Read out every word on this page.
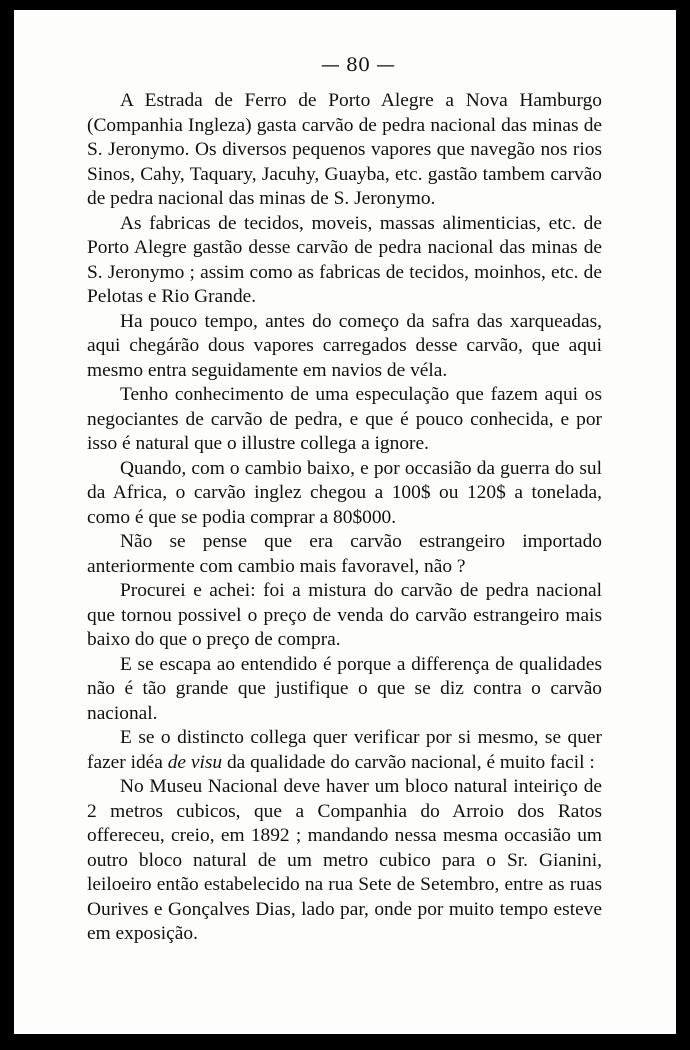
— 80 —

A Estrada de Ferro de Porto Alegre a Nova Hamburgo (Companhia Ingleza) gasta carvão de pedra nacional das minas de S. Jeronymo. Os diversos pequenos vapores que navegão nos rios Sinos, Cahy, Taquary, Jacuhy, Guayba, etc. gastão tambem carvão de pedra nacional das minas de S. Jeronymo.

As fabricas de tecidos, moveis, massas alimenticias, etc. de Porto Alegre gastão desse carvão de pedra nacional das minas de S. Jeronymo ; assim como as fabricas de tecidos, moinhos, etc. de Pelotas e Rio Grande.

Ha pouco tempo, antes do começo da safra das xarqueadas, aqui chegárão dous vapores carregados desse carvão, que aqui mesmo entra seguidamente em navios de véla.

Tenho conhecimento de uma especulação que fazem aqui os negociantes de carvão de pedra, e que é pouco conhecida, e por isso é natural que o illustre collega a ignore.

Quando, com o cambio baixo, e por occasião da guerra do sul da Africa, o carvão inglez chegou a 100$ ou 120$ a tonelada, como é que se podia comprar a 80$000.

Não se pense que era carvão estrangeiro importado anteriormente com cambio mais favoravel, não ?

Procurei e achei: foi a mistura do carvão de pedra nacional que tornou possivel o preço de venda do carvão estrangeiro mais baixo do que o preço de compra.

E se escapa ao entendido é porque a differença de qualidades não é tão grande que justifique o que se diz contra o carvão nacional.

E se o distincto collega quer verificar por si mesmo, se quer fazer idéa de visu da qualidade do carvão nacional, é muito facil :

No Museu Nacional deve haver um bloco natural inteiriço de 2 metros cubicos, que a Companhia do Arroio dos Ratos offereceu, creio, em 1892 ; mandando nessa mesma occasião um outro bloco natural de um metro cubico para o Sr. Gianini, leiloeiro então estabelecido na rua Sete de Setembro, entre as ruas Ourives e Gonçalves Dias, lado par, onde por muito tempo esteve em exposição.
